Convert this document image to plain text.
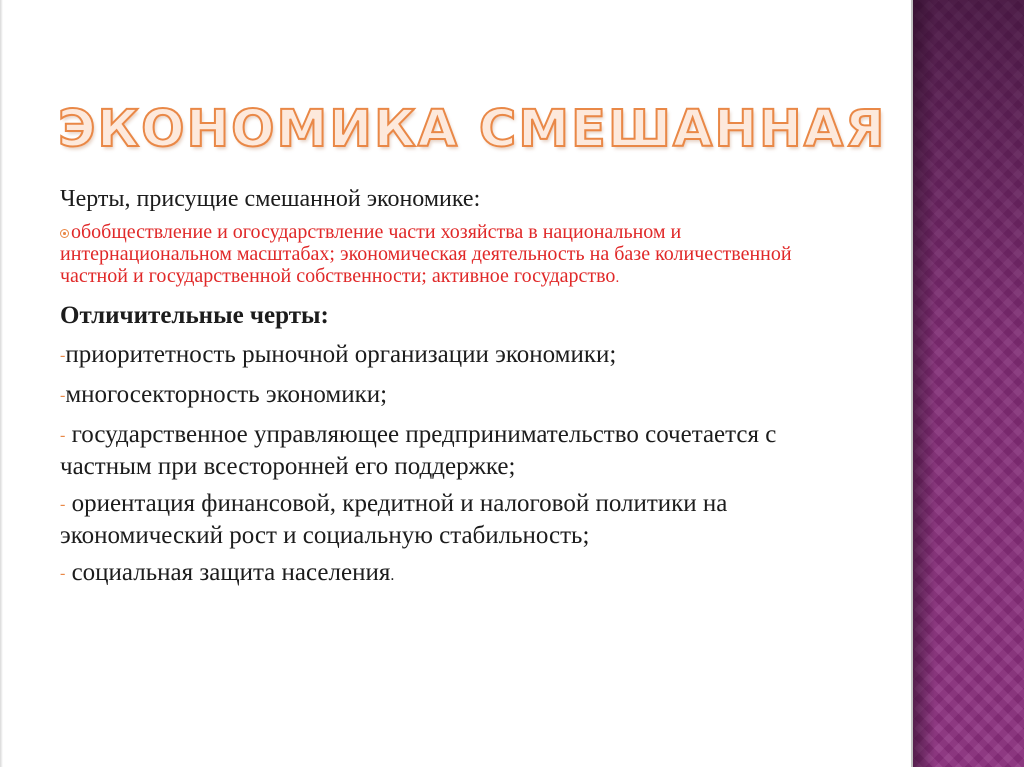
ЭКОНОМИКА СМЕШАННАЯ

Черты, присущие смешанной экономике:

обобществление и огосударствление части хозяйства в национальном и интернациональном масштабах; экономическая деятельность на базе количественной частной и государственной собственности; активное государство.

Отличительные черты:

-приоритетность рыночной организации экономики;

-многосекторность экономики;

- государственное управляющее предпринимательство сочетается с частным при всесторонней его поддержке;

- ориентация финансовой, кредитной и налоговой политики на экономический рост и социальную стабильность;

- социальная защита населения.
